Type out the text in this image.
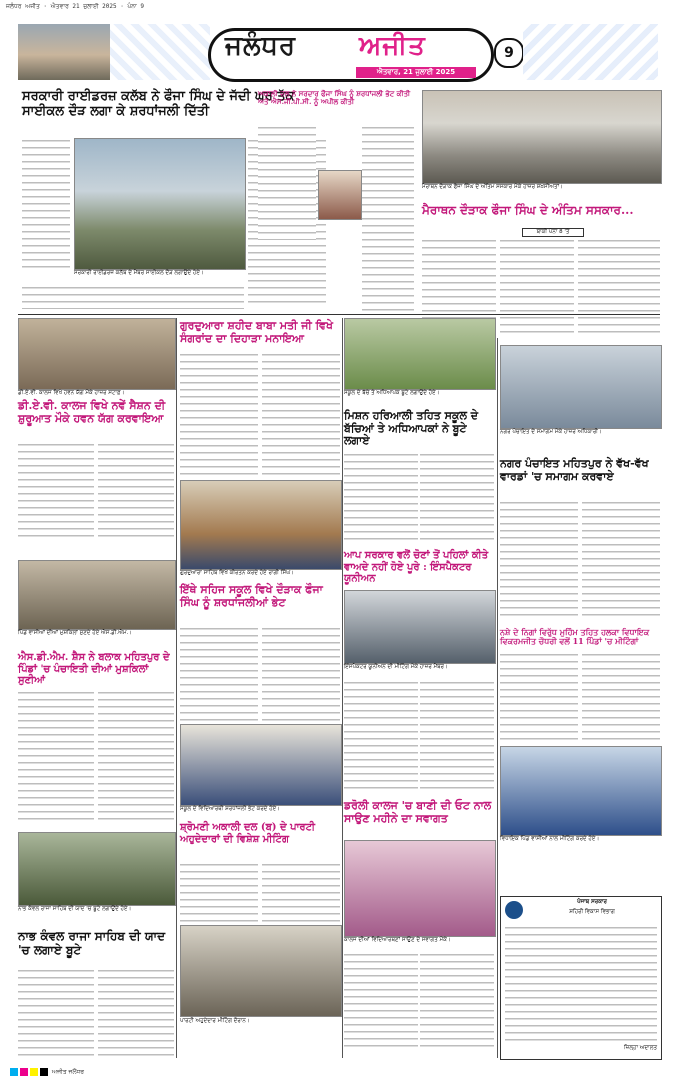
ਜਲੰਧਰ ਅਜੀਤ · ਐਤਵਾਰ 21 ਜੁਲਾਈ 2025 · ਪੰਨਾ 9
ਜਲੰਧਰ ਅਜੀਤ
ਐਤਵਾਰ, 21 ਜੁਲਾਈ 2025
9
ਸਰਕਾਰੀ ਰਾਈਡਰਜ਼ ਕਲੱਬ ਨੇ ਫੌਜਾ ਸਿੰਘ ਦੇ ਜੱਦੀ ਘਰ ਤੱਕ ਸਾਈਕਲ ਦੌੜ ਲਗਾ ਕੇ ਸ਼ਰਧਾਂਜਲੀ ਦਿੱਤੀ
ਸਰਕਾਰੀ ਰਾਈਡਰਜ਼ ਕਲੱਬ ਦੇ ਮੈਂਬਰ ਸਾਈਕਲ ਦੌੜ ਲਗਾਉਂਦੇ ਹੋਏ।
ਅਕਾਲੀ ਦਲ ਨੇ ਸਰਦਾਰ ਫੌਜਾ ਸਿੰਘ ਨੂੰ ਸ਼ਰਧਾਂਜਲੀ ਭੇਟ ਕੀਤੀ ਅਤੇ ਐਸ.ਜੀ.ਪੀ.ਸੀ. ਨੂੰ ਅਪੀਲ ਕੀਤੀ
ਮੈਰਾਥਨ ਦੌੜਾਕ ਫੌਜਾ ਸਿੰਘ ਦੇ ਅੰਤਿਮ ਸਸਕਾਰ ਮੌਕੇ ਹਾਜ਼ਰ ਸ਼ਖ਼ਸੀਅਤਾਂ।
ਮੈਰਾਥਨ ਦੌੜਾਕ ਫੌਜਾ ਸਿੰਘ ਦੇ ਅੰਤਿਮ ਸਸਕਾਰ...
ਬਾਕੀ ਪੰਨਾ 8 'ਤੇ
ਡੀ.ਏ.ਵੀ. ਕਾਲਜ ਵਿਖੇ ਹਵਨ ਯੱਗ ਮੌਕੇ ਹਾਜ਼ਰ ਸਟਾਫ਼।
ਗੁਰਦੁਆਰਾ ਸ਼ਹੀਦ ਬਾਬਾ ਮਤੀ ਜੀ ਵਿਖੇ ਸੰਗਰਾਂਦ ਦਾ ਦਿਹਾੜਾ ਮਨਾਇਆ
ਗੁਰਦੁਆਰਾ ਸਾਹਿਬ ਵਿਖੇ ਕੀਰਤਨ ਕਰਦੇ ਹੋਏ ਰਾਗੀ ਸਿੰਘ।
ਡੀ.ਏ.ਵੀ. ਕਾਲਜ ਵਿਖੇ ਨਵੇਂ ਸੈਸ਼ਨ ਦੀ ਸ਼ੁਰੂਆਤ ਮੌਕੇ ਹਵਨ ਯੱਗ ਕਰਵਾਇਆ
ਸਕੂਲ ਦੇ ਬੱਚੇ ਤੇ ਅਧਿਆਪਕ ਬੂਟੇ ਲਗਾਉਂਦੇ ਹੋਏ।
ਮਿਸ਼ਨ ਹਰਿਆਲੀ ਤਹਿਤ ਸਕੂਲ ਦੇ ਬੱਚਿਆਂ ਤੇ ਅਧਿਆਪਕਾਂ ਨੇ ਬੂਟੇ ਲਗਾਏ
ਨਗਰ ਪੰਚਾਇਤ ਦੇ ਸਮਾਗਮ ਮੌਕੇ ਹਾਜ਼ਰ ਅਧਿਕਾਰੀ।
ਨਗਰ ਪੰਚਾਇਤ ਮਹਿਤਪੁਰ ਨੇ ਵੱਖ-ਵੱਖ ਵਾਰਡਾਂ 'ਚ ਸਮਾਗਮ ਕਰਵਾਏ
ਇੱਥੇ ਸਹਿਜ ਸਕੂਲ ਵਿਖੇ ਦੌੜਾਕ ਫੌਜਾ ਸਿੰਘ ਨੂੰ ਸ਼ਰਧਾਂਜਲੀਆਂ ਭੇਟ
ਸਕੂਲ ਦੇ ਵਿਦਿਆਰਥੀ ਸ਼ਰਧਾਂਜਲੀ ਭੇਟ ਕਰਦੇ ਹੋਏ।
ਆਪ ਸਰਕਾਰ ਵਲੋਂ ਚੋਣਾਂ ਤੋਂ ਪਹਿਲਾਂ ਕੀਤੇ ਵਾਅਦੇ ਨਹੀਂ ਹੋਏ ਪੂਰੇ : ਇੰਸਪੈਕਟਰ ਯੂਨੀਅਨ
ਇੰਸਪੈਕਟਰ ਯੂਨੀਅਨ ਦੀ ਮੀਟਿੰਗ ਮੌਕੇ ਹਾਜ਼ਰ ਮੈਂਬਰ।
ਪਿੰਡ ਵਾਸੀਆਂ ਦੀਆਂ ਮੁਸ਼ਕਿਲਾਂ ਸੁਣਦੇ ਹੋਏ ਐਸ.ਡੀ.ਐਮ.।
ਐਸ.ਡੀ.ਐਮ. ਸ਼ੈਸ ਨੇ ਬਲਾਕ ਮਹਿਤਪੁਰ ਦੇ ਪਿੰਡਾਂ 'ਚ ਪੰਚਾਇਤੀ ਦੀਆਂ ਮੁਸ਼ਕਿਲਾਂ ਸੁਣੀਆਂ
ਨਸ਼ੇ ਦੇ ਨਿਗਾਂ ਵਿਰੁੱਧ ਮੁਹਿੰਮ ਤਹਿਤ ਹਲਕਾ ਵਿਧਾਇਕ ਵਿਕਰਮਜੀਤ ਚੌਧਰੀ ਵਲੋਂ 11 ਪਿੰਡਾਂ 'ਚ ਮੀਟਿੰਗਾਂ
ਵਿਧਾਇਕ ਪਿੰਡ ਵਾਸੀਆਂ ਨਾਲ ਮੀਟਿੰਗ ਕਰਦੇ ਹੋਏ।
ਸ਼੍ਰੋਮਣੀ ਅਕਾਲੀ ਦਲ (ਬ) ਦੇ ਪਾਰਟੀ ਅਹੁਦੇਦਾਰਾਂ ਦੀ ਵਿਸ਼ੇਸ਼ ਮੀਟਿੰਗ
ਪਾਰਟੀ ਅਹੁਦੇਦਾਰ ਮੀਟਿੰਗ ਦੌਰਾਨ।
ਡਰੋਲੀ ਕਾਲਜ 'ਚ ਬਾਣੀ ਦੀ ਓਟ ਨਾਲ ਸਾਉਣ ਮਹੀਨੇ ਦਾ ਸਵਾਗਤ
ਕਾਲਜ ਦੀਆਂ ਵਿਦਿਆਰਥਣਾਂ ਸਾਉਣ ਦੇ ਸਵਾਗਤ ਮੌਕੇ।
ਨਾਭ ਕੰਵਲ ਰਾਜਾ ਸਾਹਿਬ ਦੀ ਯਾਦ 'ਚ ਬੂਟੇ ਲਗਾਉਂਦੇ ਹੋਏ।
ਨਾਭ ਕੰਵਲ ਰਾਜਾ ਸਾਹਿਬ ਦੀ ਯਾਦ 'ਚ ਲਗਾਏ ਬੂਟੇ
ਪੰਜਾਬ ਸਰਕਾਰ
ਸ਼ਹਿਰੀ ਵਿਕਾਸ ਵਿਭਾਗ
ਜ਼ਿਲ੍ਹਾ ਅਦਾਲਤ
ਅਜੀਤ ਜਲੰਧਰ
